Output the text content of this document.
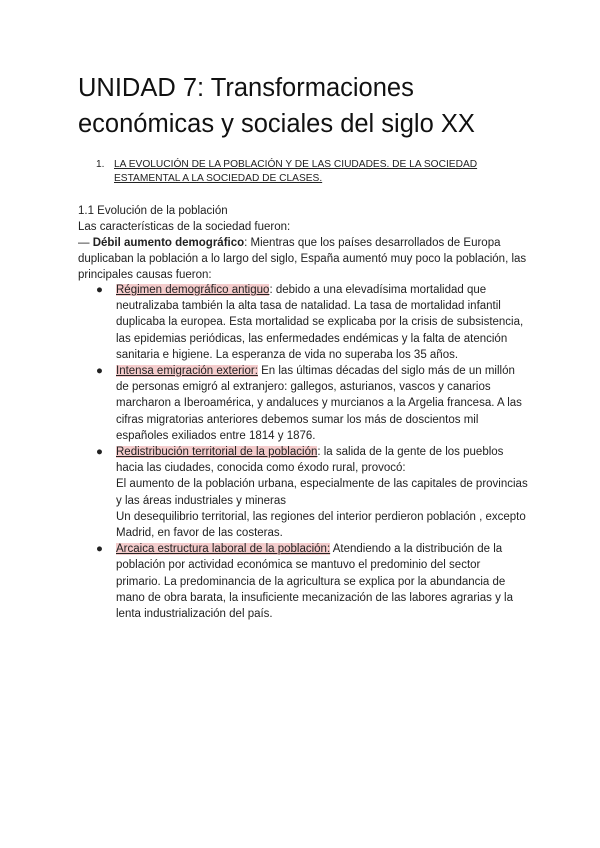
UNIDAD 7: Transformaciones económicas y sociales del siglo XX
1. LA EVOLUCIÓN DE LA POBLACIÓN Y DE LAS CIUDADES. DE LA SOCIEDAD ESTAMENTAL A LA SOCIEDAD DE CLASES.
1.1 Evolución de la población
Las características de la sociedad fueron:
— Débil aumento demográfico: Mientras que los países desarrollados de Europa duplicaban la población a lo largo del siglo, España aumentó muy poco la población, las principales causas fueron:
● Régimen demográfico antiguo: debido a una elevadísima mortalidad que neutralizaba también la alta tasa de natalidad. La tasa de mortalidad infantil duplicaba la europea. Esta mortalidad se explicaba por la crisis de subsistencia, las epidemias periódicas, las enfermedades endémicas y la falta de atención sanitaria e higiene. La esperanza de vida no superaba los 35 años.
● Intensa emigración exterior: En las últimas décadas del siglo más de un millón de personas emigró al extranjero: gallegos, asturianos, vascos y canarios marcharon a Iberoamérica, y andaluces y murcianos a la Argelia francesa. A las cifras migratorias anteriores debemos sumar los más de doscientos mil españoles exiliados entre 1814 y 1876.
● Redistribución territorial de la población: la salida de la gente de los pueblos hacia las ciudades, conocida como éxodo rural, provocó:
El aumento de la población urbana, especialmente de las capitales de provincias y las áreas industriales y mineras
Un desequilibrio territorial, las regiones del interior perdieron población , excepto Madrid, en favor de las costeras.
● Arcaica estructura laboral de la población: Atendiendo a la distribución de la población por actividad económica se mantuvo el predominio del sector primario. La predominancia de la agricultura se explica por la abundancia de mano de obra barata, la insuficiente mecanización de las labores agrarias y la lenta industrialización del país.
